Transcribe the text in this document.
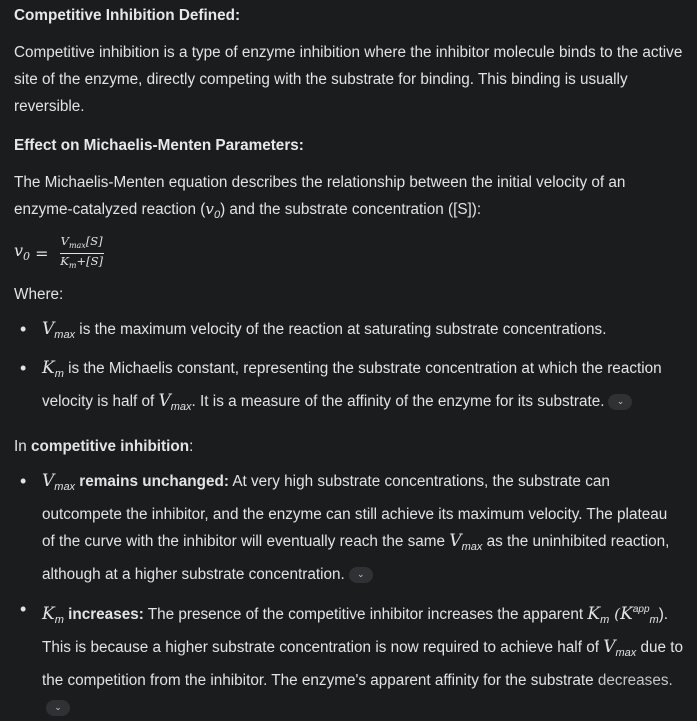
Competitive Inhibition Defined:

Competitive inhibition is a type of enzyme inhibition where the inhibitor molecule binds to the active site of the enzyme, directly competing with the substrate for binding. This binding is usually reversible.

Effect on Michaelis-Menten Parameters:

The Michaelis-Menten equation describes the relationship between the initial velocity of an enzyme-catalyzed reaction $(v_0)$ and the substrate concentration ([S]):

$v_0 = \frac{V_{max}[S]}{K_m+[S]}$

Where:

• $V_{max}$ is the maximum velocity of the reaction at saturating substrate concentrations.
• $K_m$ is the Michaelis constant, representing the substrate concentration at which the reaction velocity is half of $V_{max}$. It is a measure of the affinity of the enzyme for its substrate. ⌄

In competitive inhibition:

• $V_{max}$ remains unchanged: At very high substrate concentrations, the substrate can outcompete the inhibitor, and the enzyme can still achieve its maximum velocity. The plateau of the curve with the inhibitor will eventually reach the same $V_{max}$ as the uninhibited reaction, although at a higher substrate concentration. ⌄
• $K_m$ increases: The presence of the competitive inhibitor increases the apparent $K_m$ $(K^{app}_m)$. This is because a higher substrate concentration is now required to achieve half of $V_{max}$ due to the competition from the inhibitor. The enzyme's apparent affinity for the substrate decreases.⌄
